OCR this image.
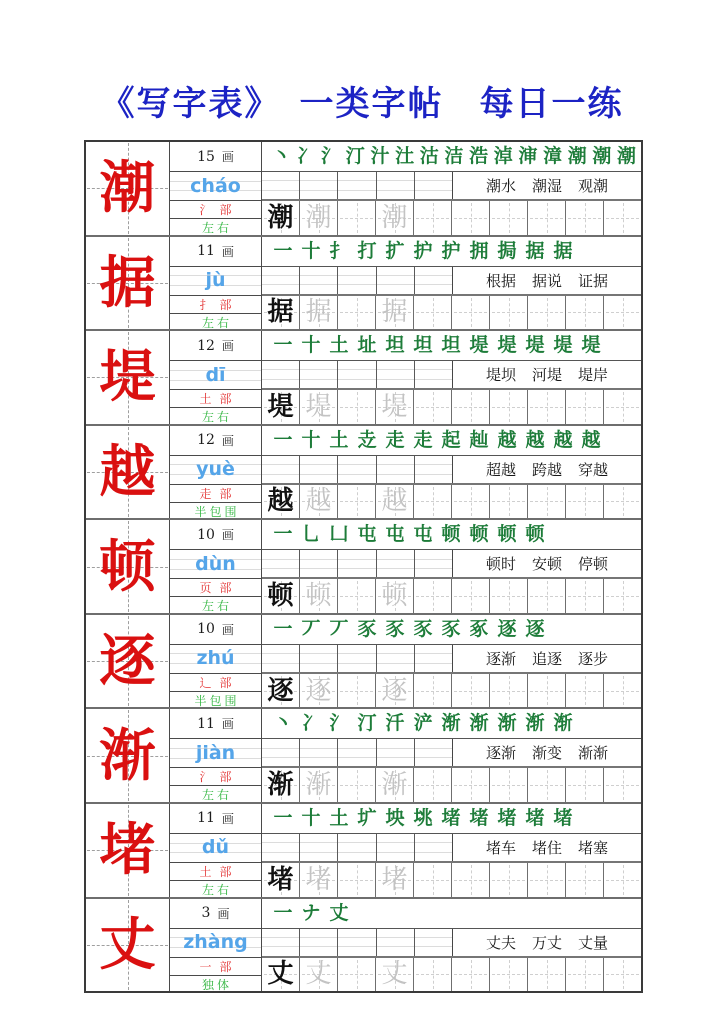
《写字表》　一类字帖　每日一练
潮	15 画
cháo
氵部
左右
丶 冫 氵 汀 汁 汢 沽 洁 浩 淖 渖 漳 潮 潮 潮
潮水 潮湿 观潮
潮 潮 潮
据	11 画
jù
扌部
左右
一 十 扌 打 扩 护 护 拥 挶 据 据
根据 据说 证据
据 据 据
堤	12 画
dī
土部
左右
一 十 土 址 坦 坦 坦 堤 堤 堤 堤 堤
堤坝 河堤 堤岸
堤 堤 堤
越	12 画
yuè
走部
半包围
一 十 土 赱 走 走 起 赸 越 越 越 越
超越 跨越 穿越
越 越 越
顿	10 画
dùn
页部
左右
一 乚 凵 屯 屯 屯 顿 顿 顿 顿
顿时 安顿 停顿
顿 顿 顿
逐	10 画
zhú
辶部
半包围
一 丆 丆 豕 豕 豕 豕 豖 逐 逐
逐渐 追逐 逐步
逐 逐 逐
渐	11 画
jiàn
氵部
左右
丶 冫 氵 汀 汘 浐 渐 渐 渐 渐 渐
逐渐 渐变 渐渐
渐 渐 渐
堵	11 画
dǔ
土部
左右
一 十 土 圹 坱 垗 堵 堵 堵 堵 堵
堵车 堵住 堵塞
堵 堵 堵
丈	3 画
zhàng
一部
独体
一 ナ 丈
丈夫 万丈 丈量
丈 丈 丈
